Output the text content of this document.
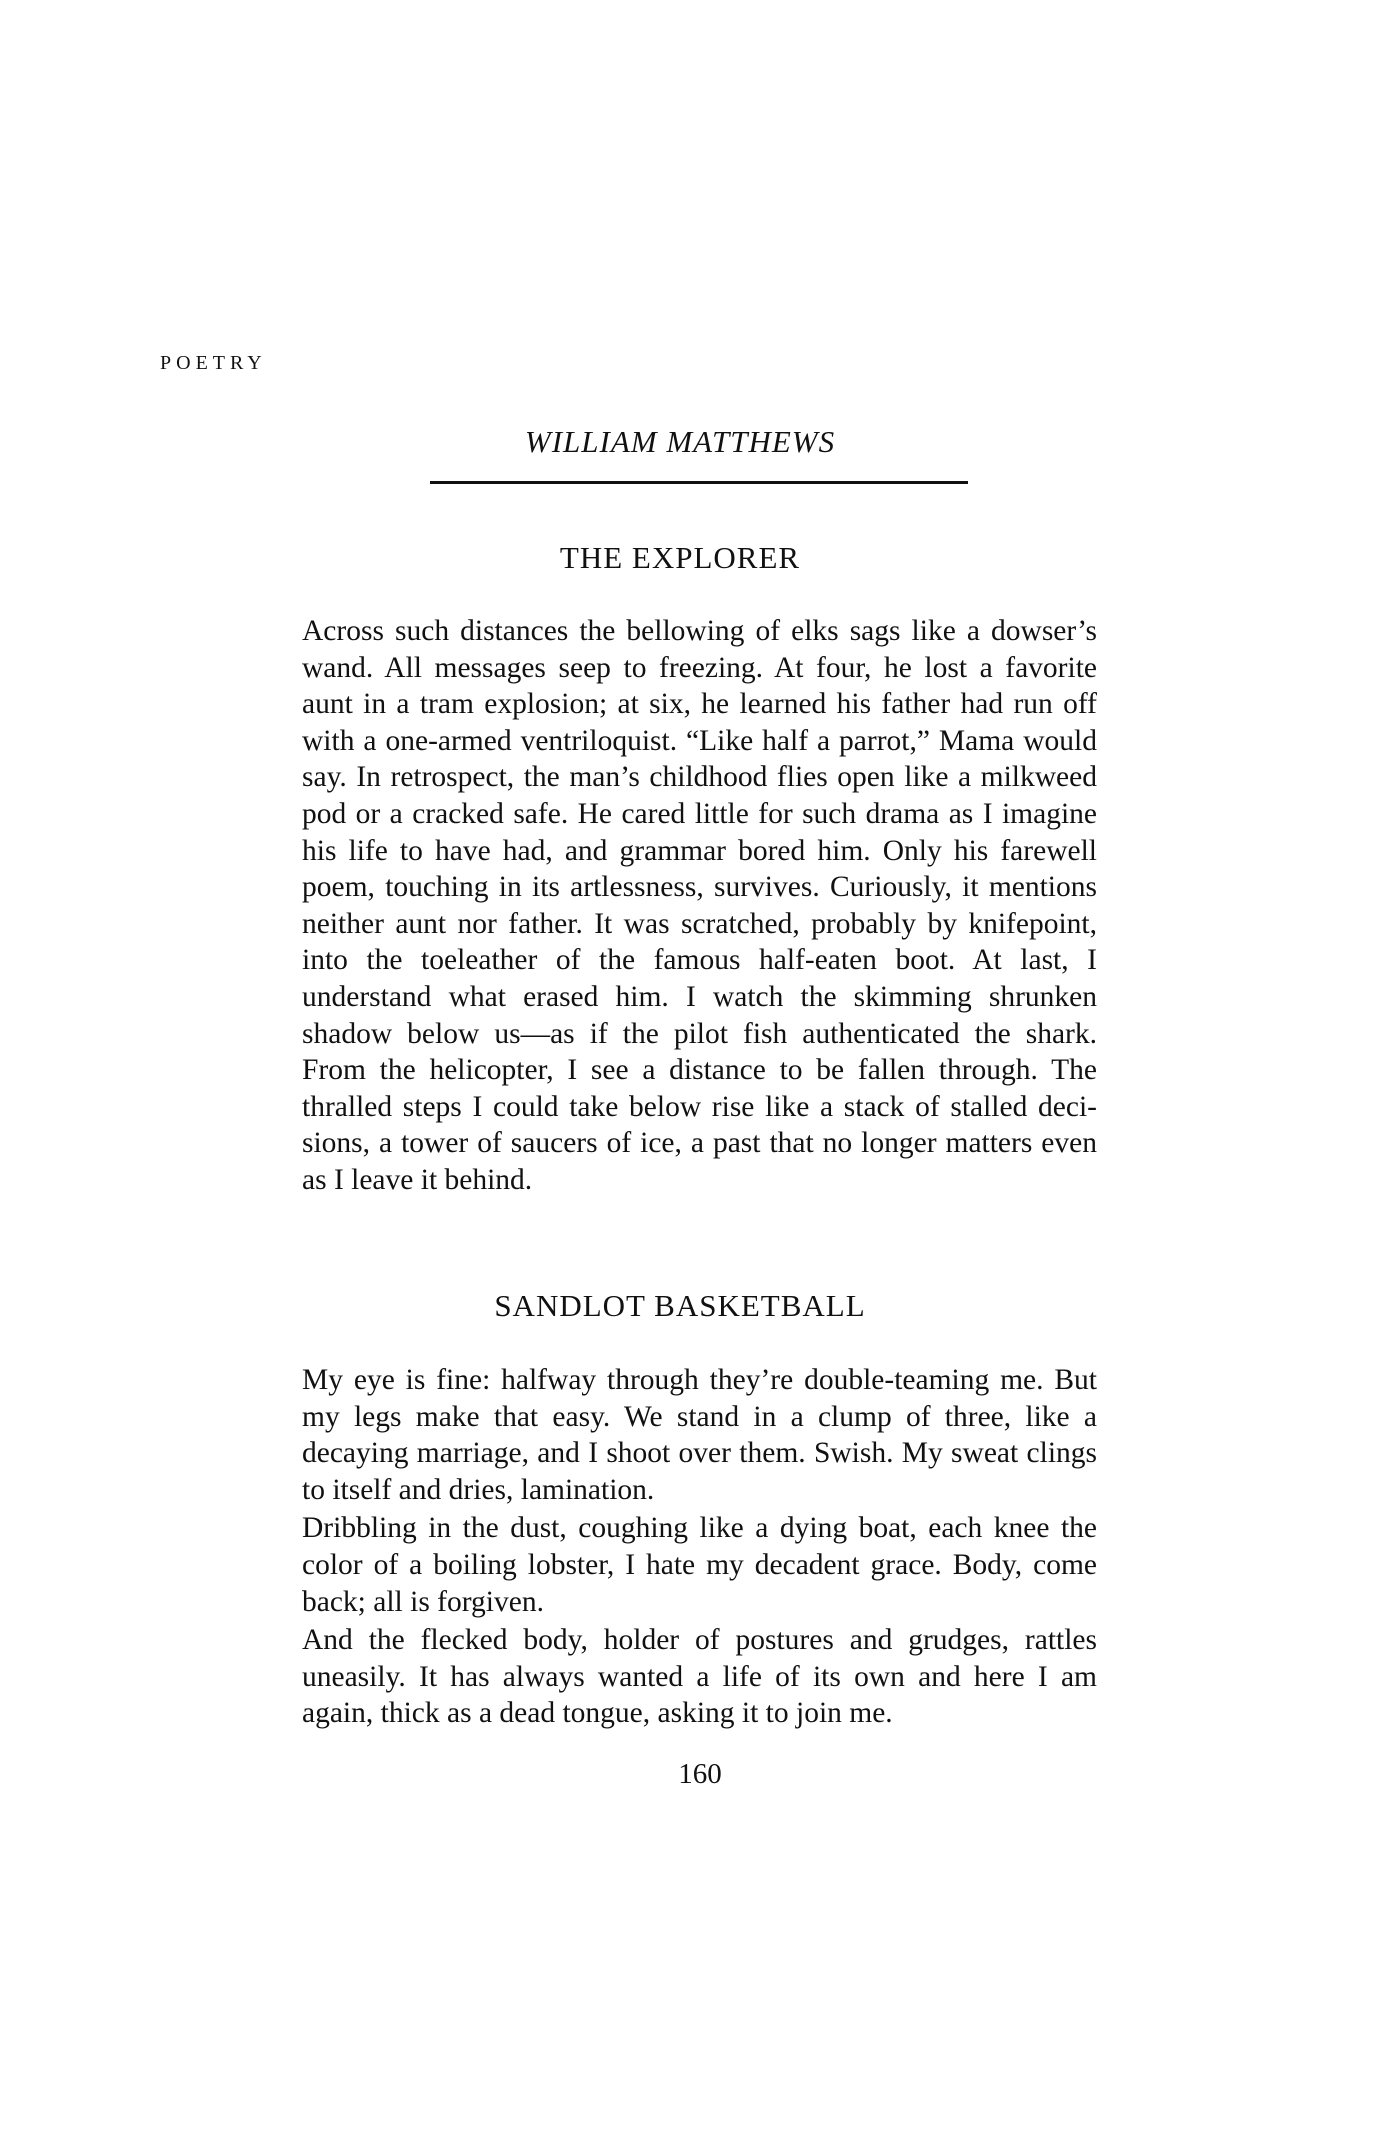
POETRY
WILLIAM MATTHEWS
THE EXPLORER

Across such distances the bellowing of elks sags like a dowser’s wand. All messages seep to freezing. At four, he lost a favorite aunt in a tram explosion; at six, he learned his father had run off with a one-armed ventriloquist. “Like half a parrot,” Mama would say. In retrospect, the man’s childhood flies open like a milkweed pod or a cracked safe. He cared little for such drama as I imagine his life to have had, and grammar bored him. Only his farewell poem, touching in its artlessness, survives. Curiously, it mentions neither aunt nor father. It was scratched, probably by knifepoint, into the toeleather of the famous half-eaten boot. At last, I understand what erased him. I watch the skimming shrunken shadow below us—as if the pilot fish authenticated the shark. From the helicopter, I see a distance to be fallen through. The thralled steps I could take below rise like a stack of stalled decisions, a tower of saucers of ice, a past that no longer matters even as I leave it behind.

SANDLOT BASKETBALL

My eye is fine: halfway through they’re double-teaming me. But my legs make that easy. We stand in a clump of three, like a decaying marriage, and I shoot over them. Swish. My sweat clings to itself and dries, lamination.

Dribbling in the dust, coughing like a dying boat, each knee the color of a boiling lobster, I hate my decadent grace. Body, come back; all is forgiven.

And the flecked body, holder of postures and grudges, rattles uneasily. It has always wanted a life of its own and here I am again, thick as a dead tongue, asking it to join me.

160
